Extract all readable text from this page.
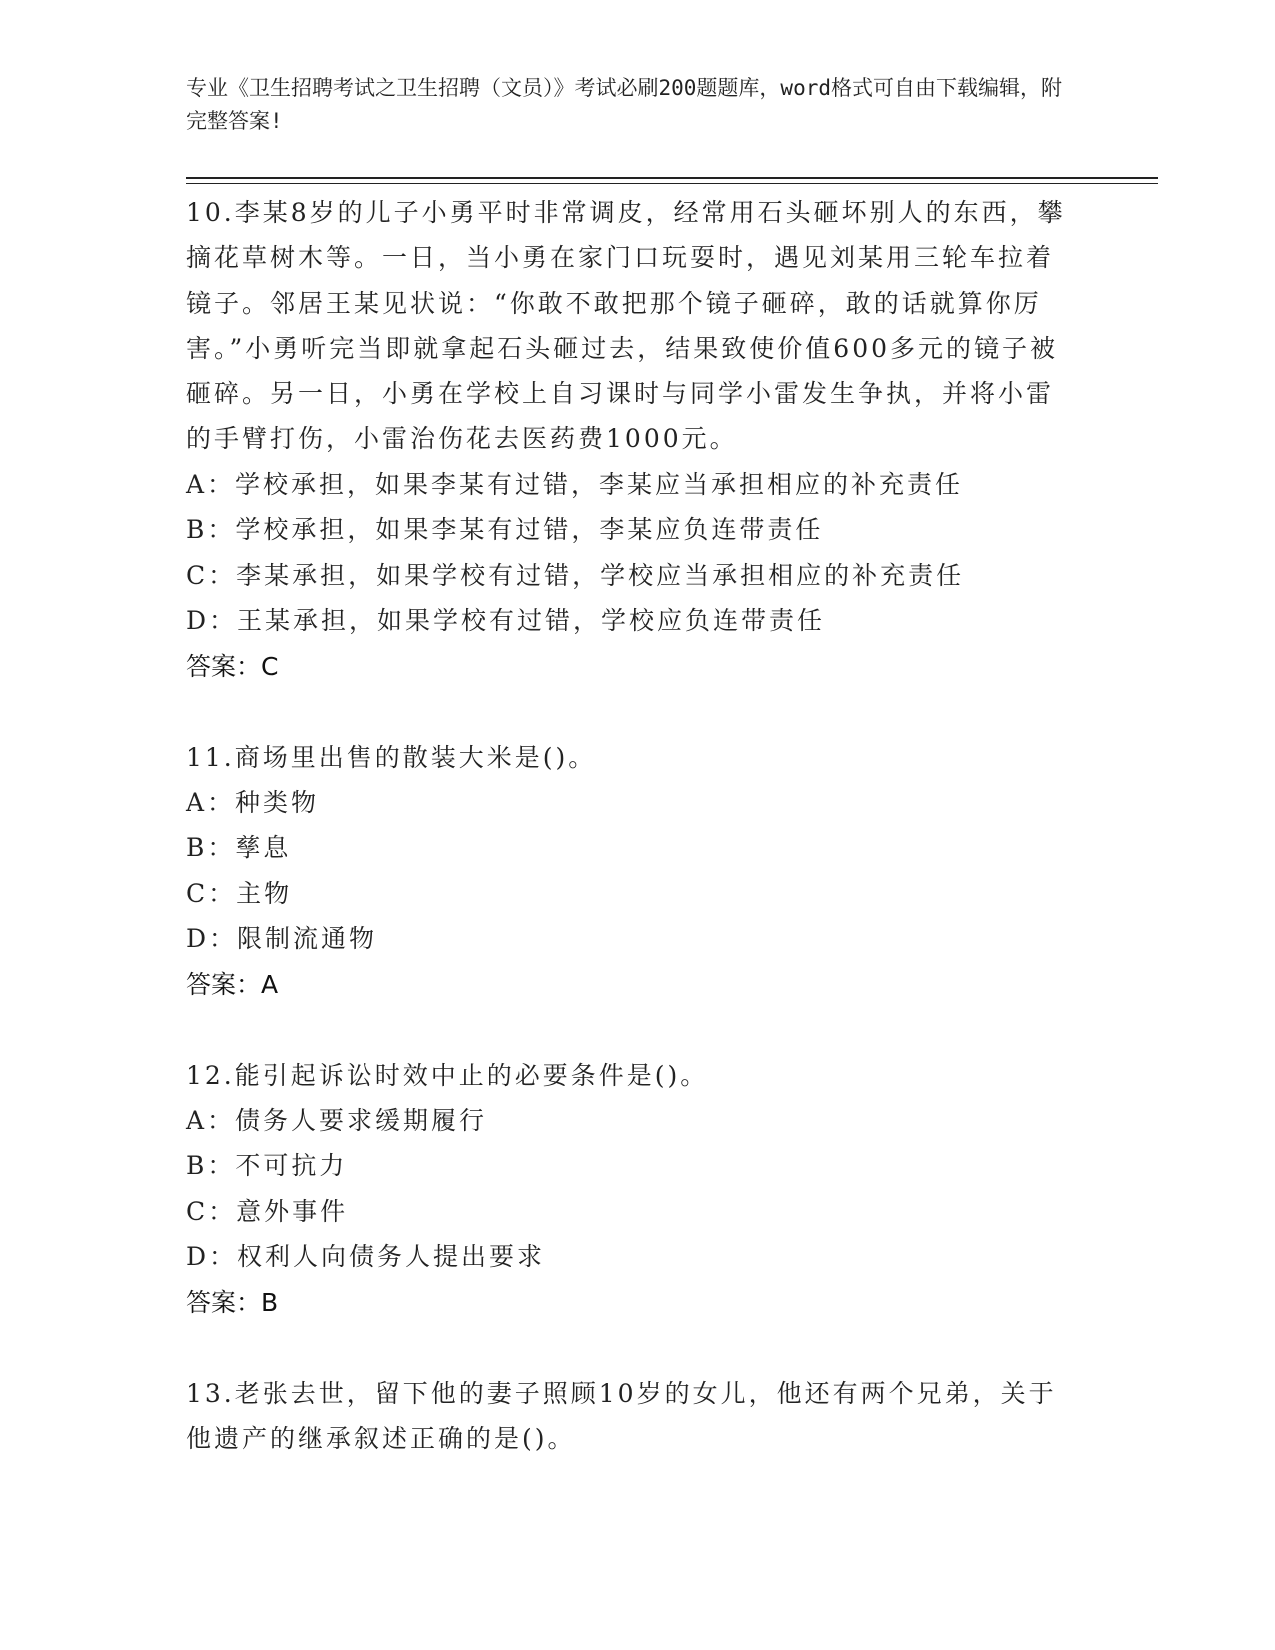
专业《卫生招聘考试之卫生招聘（文员）》考试必刷200题题库，word格式可自由下载编辑，附完整答案!
10.李某8岁的儿子小勇平时非常调皮，经常用石头砸坏别人的东西，攀摘花草树木等。一日，当小勇在家门口玩耍时，遇见刘某用三轮车拉着镜子。邻居王某见状说：“你敢不敢把那个镜子砸碎，敢的话就算你厉害。”小勇听完当即就拿起石头砸过去，结果致使价值600多元的镜子被砸碎。另一日，小勇在学校上自习课时与同学小雷发生争执，并将小雷的手臂打伤，小雷治伤花去医药费1000元。
A：学校承担，如果李某有过错，李某应当承担相应的补充责任
B：学校承担，如果李某有过错，李某应负连带责任
C：李某承担，如果学校有过错，学校应当承担相应的补充责任
D：王某承担，如果学校有过错，学校应负连带责任
答案：C
11.商场里出售的散装大米是()。
A：种类物
B：孳息
C：主物
D：限制流通物
答案：A
12.能引起诉讼时效中止的必要条件是()。
A：债务人要求缓期履行
B：不可抗力
C：意外事件
D：权利人向债务人提出要求
答案：B
13.老张去世，留下他的妻子照顾10岁的女儿，他还有两个兄弟，关于他遗产的继承叙述正确的是()。
